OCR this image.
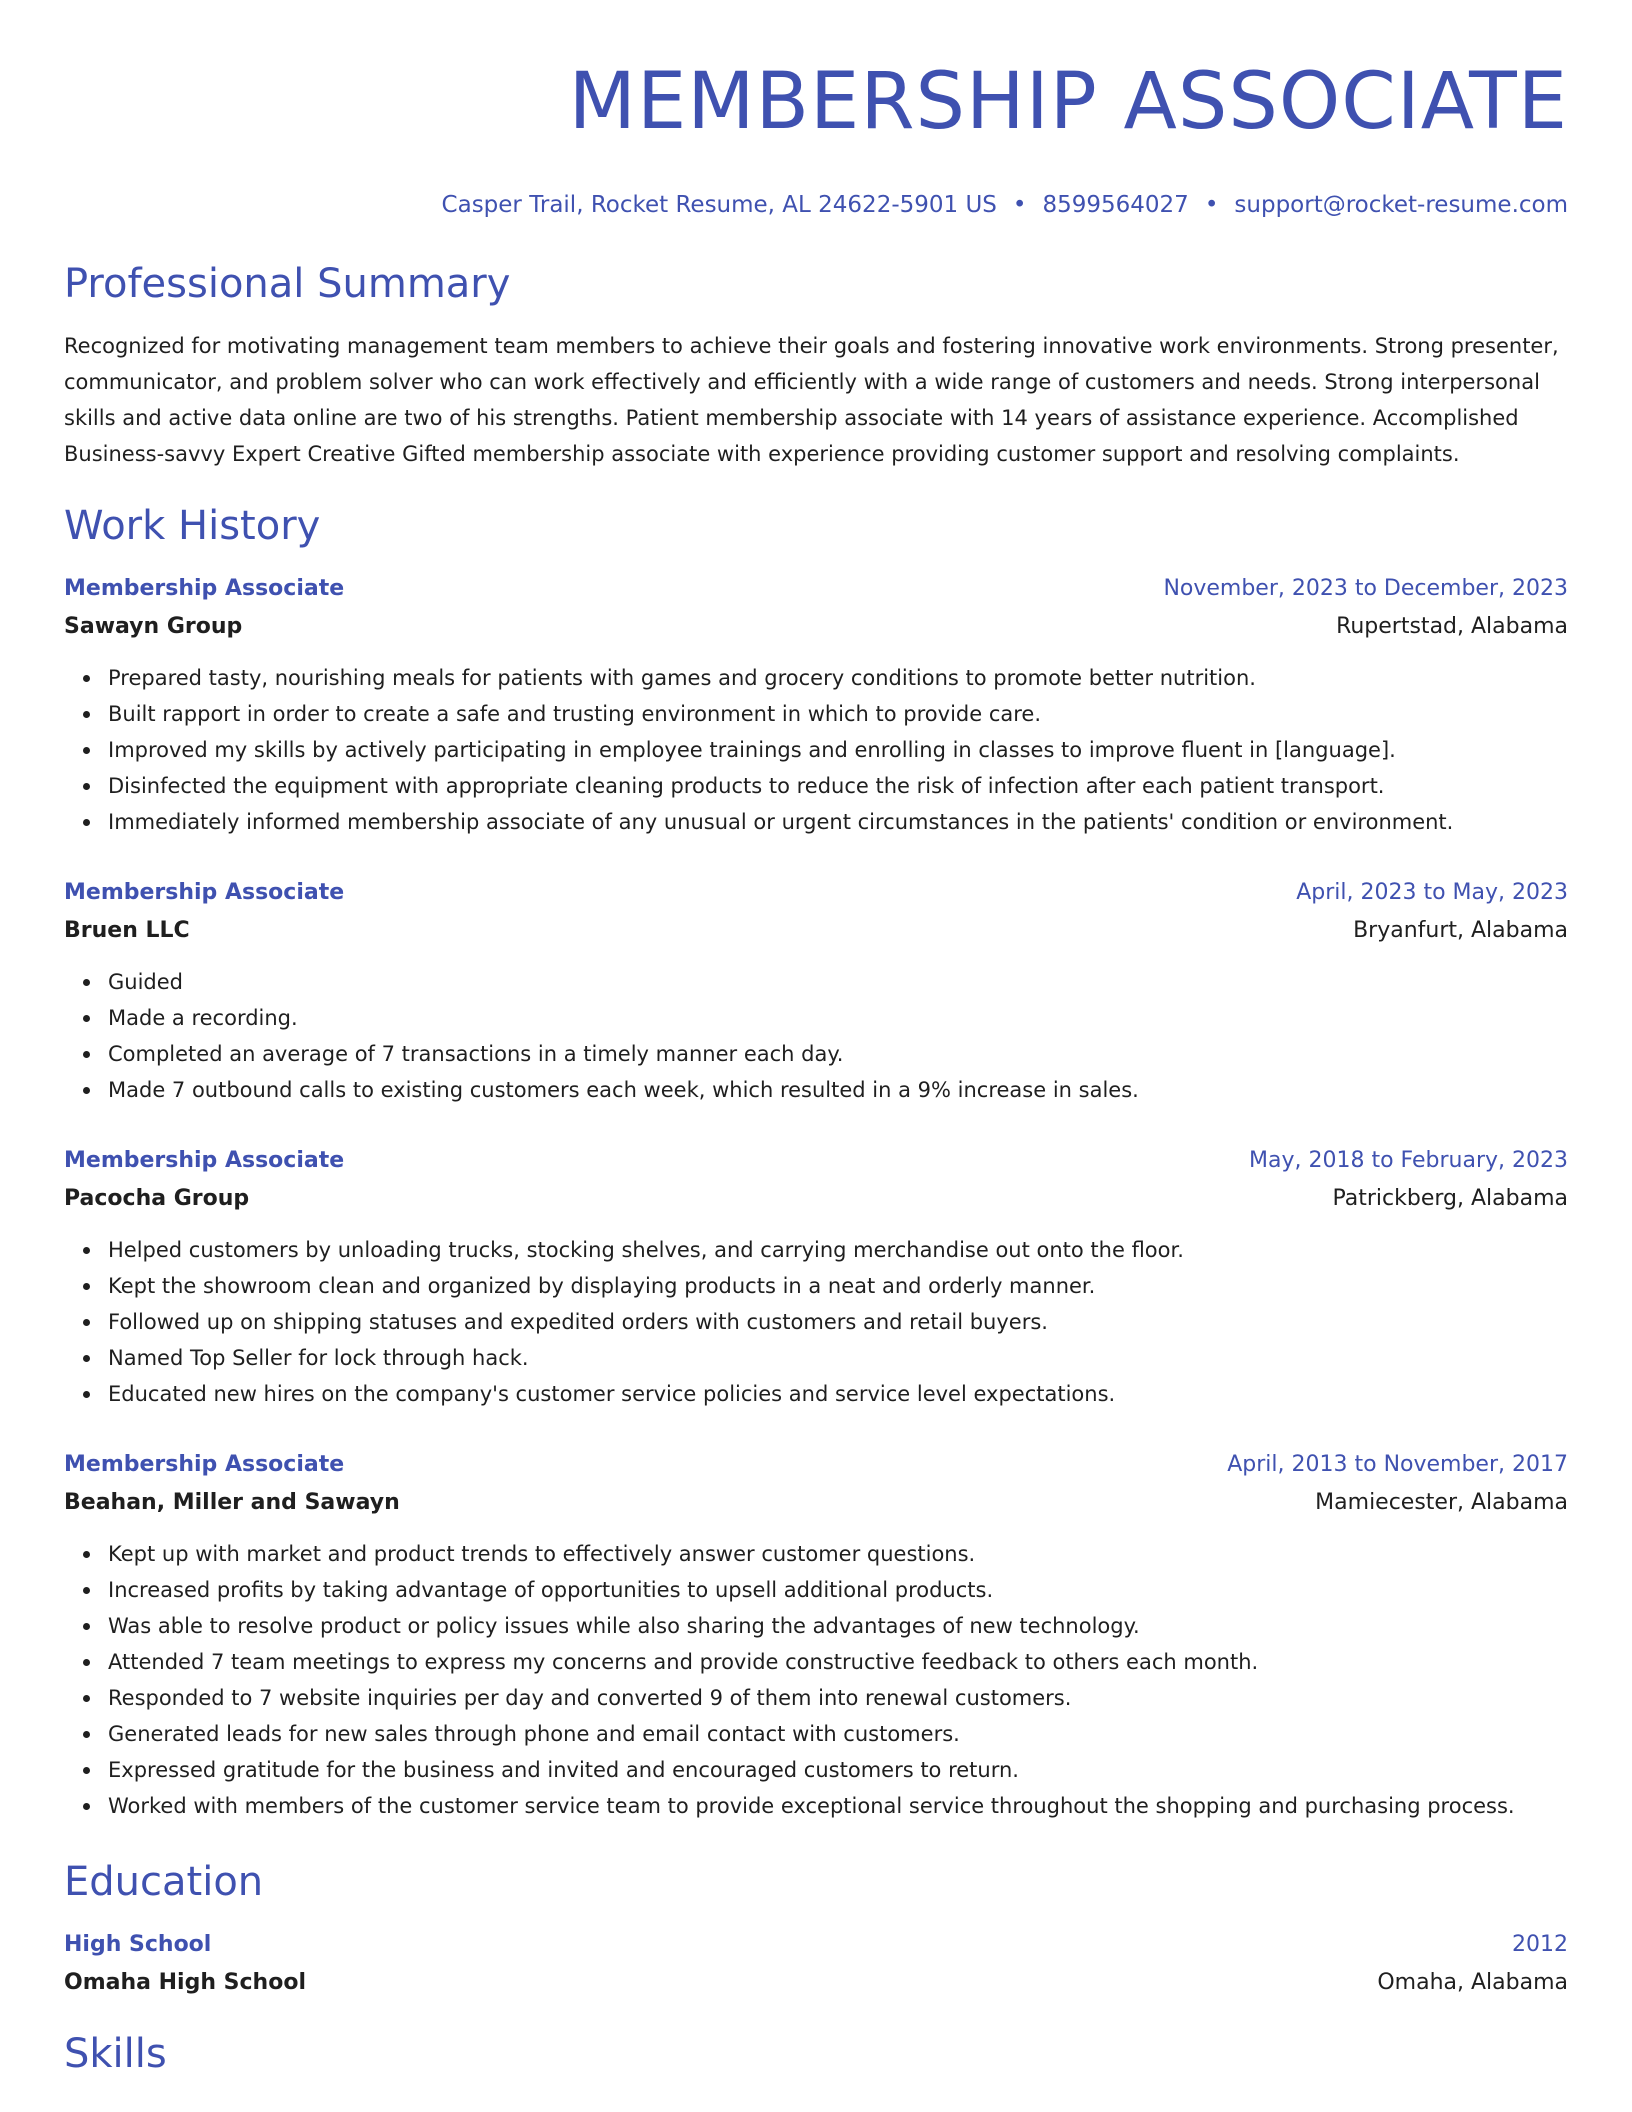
MEMBERSHIP ASSOCIATE
Casper Trail, Rocket Resume, AL 24622-5901 US • 8599564027 • support@rocket-resume.com
Professional Summary
Recognized for motivating management team members to achieve their goals and fostering innovative work environments. Strong presenter, communicator, and problem solver who can work effectively and efficiently with a wide range of customers and needs. Strong interpersonal skills and active data online are two of his strengths. Patient membership associate with 14 years of assistance experience. Accomplished Business-savvy Expert Creative Gifted membership associate with experience providing customer support and resolving complaints.
Work History
Membership Associate	November, 2023 to December, 2023
Sawayn Group	Rupertstad, Alabama
Prepared tasty, nourishing meals for patients with games and grocery conditions to promote better nutrition.
Built rapport in order to create a safe and trusting environment in which to provide care.
Improved my skills by actively participating in employee trainings and enrolling in classes to improve fluent in [language].
Disinfected the equipment with appropriate cleaning products to reduce the risk of infection after each patient transport.
Immediately informed membership associate of any unusual or urgent circumstances in the patients' condition or environment.
Membership Associate	April, 2023 to May, 2023
Bruen LLC	Bryanfurt, Alabama
Guided
Made a recording.
Completed an average of 7 transactions in a timely manner each day.
Made 7 outbound calls to existing customers each week, which resulted in a 9% increase in sales.
Membership Associate	May, 2018 to February, 2023
Pacocha Group	Patrickberg, Alabama
Helped customers by unloading trucks, stocking shelves, and carrying merchandise out onto the floor.
Kept the showroom clean and organized by displaying products in a neat and orderly manner.
Followed up on shipping statuses and expedited orders with customers and retail buyers.
Named Top Seller for lock through hack.
Educated new hires on the company's customer service policies and service level expectations.
Membership Associate	April, 2013 to November, 2017
Beahan, Miller and Sawayn	Mamiecester, Alabama
Kept up with market and product trends to effectively answer customer questions.
Increased profits by taking advantage of opportunities to upsell additional products.
Was able to resolve product or policy issues while also sharing the advantages of new technology.
Attended 7 team meetings to express my concerns and provide constructive feedback to others each month.
Responded to 7 website inquiries per day and converted 9 of them into renewal customers.
Generated leads for new sales through phone and email contact with customers.
Expressed gratitude for the business and invited and encouraged customers to return.
Worked with members of the customer service team to provide exceptional service throughout the shopping and purchasing process.
Education
High School	2012
Omaha High School	Omaha, Alabama
Skills
